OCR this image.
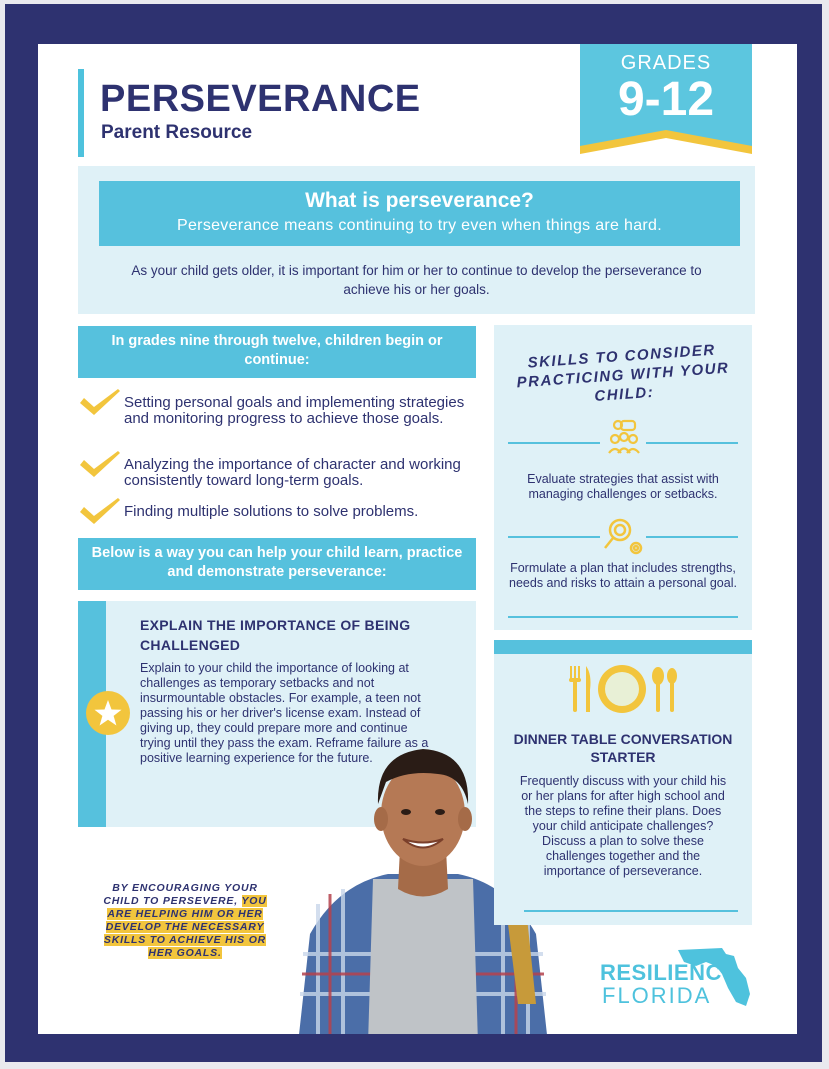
PERSEVERANCE
Parent Resource
GRADES
9-12
What is perseverance?
Perseverance means continuing to try even when things are hard.
As your child gets older, it is important for him or her to continue to develop the perseverance to achieve his or her goals.
In grades nine through twelve, children begin or continue:
Setting personal goals and implementing strategies and monitoring progress to achieve those goals.
Analyzing the importance of character and working consistently toward long-term goals.
Finding multiple solutions to solve problems.
Below is a way you can help your child learn, practice and demonstrate perseverance:
EXPLAIN THE IMPORTANCE OF BEING CHALLENGED
Explain to your child the importance of looking at challenges as temporary setbacks and not insurmountable obstacles. For example, a teen not passing his or her driver's license exam. Instead of giving up, they could prepare more and continue trying until they pass the exam. Reframe failure as a positive learning experience for the future.
BY ENCOURAGING YOUR CHILD TO PERSEVERE, YOU ARE HELPING HIM OR HER DEVELOP THE NECESSARY SKILLS TO ACHIEVE HIS OR HER GOALS.
SKILLS TO CONSIDER PRACTICING WITH YOUR CHILD:
Evaluate strategies that assist with managing challenges or setbacks.
Formulate a plan that includes strengths, needs and risks to attain a personal goal.
DINNER TABLE CONVERSATION STARTER
Frequently discuss with your child his or her plans for after high school and the steps to refine their plans. Does your child anticipate challenges? Discuss a plan to solve these challenges together and the importance of perseverance.
RESILIENCY
FLORIDA
